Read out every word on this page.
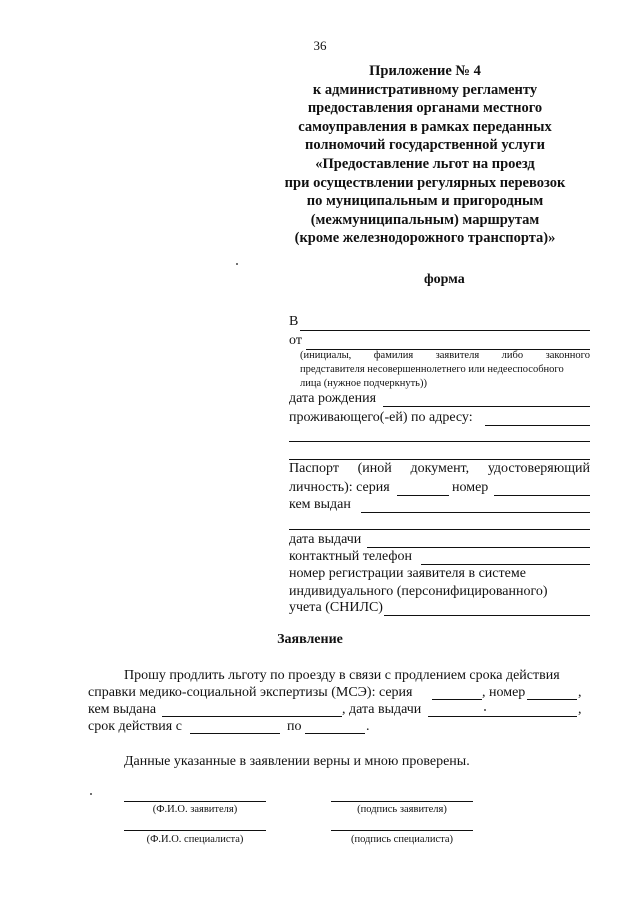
36
Приложение № 4
к административному регламенту
предоставления органами местного
самоуправления в рамках переданных
полномочий государственной услуги
«Предоставление льгот на проезд
при осуществлении регулярных перевозок
по муниципальным и пригородным
(межмуниципальным) маршрутам
(кроме железнодорожного транспорта)»
форма
В
от
(инициалы, фамилия заявителя либо законного
представителя несовершеннолетнего или недееспособного
лица (нужное подчеркнуть))
дата рождения
проживающего(-ей) по адресу:
Паспорт (иной документ, удостоверяющий
личность): серия	номер
кем выдан
дата выдачи
контактный телефон
номер регистрации заявителя в системе
индивидуального (персонифицированного)
учета (СНИЛС)
Заявление
Прошу продлить льготу по проезду в связи с продлением срока действия
справки медико-социальной экспертизы (МСЭ): серия	, номер	,
кем выдана	, дата выдачи	,
срок действия с	по	.
Данные указанные в заявлении верны и мною проверены.
(Ф.И.О. заявителя)	(подпись заявителя)
(Ф.И.О. специалиста)	(подпись специалиста)
